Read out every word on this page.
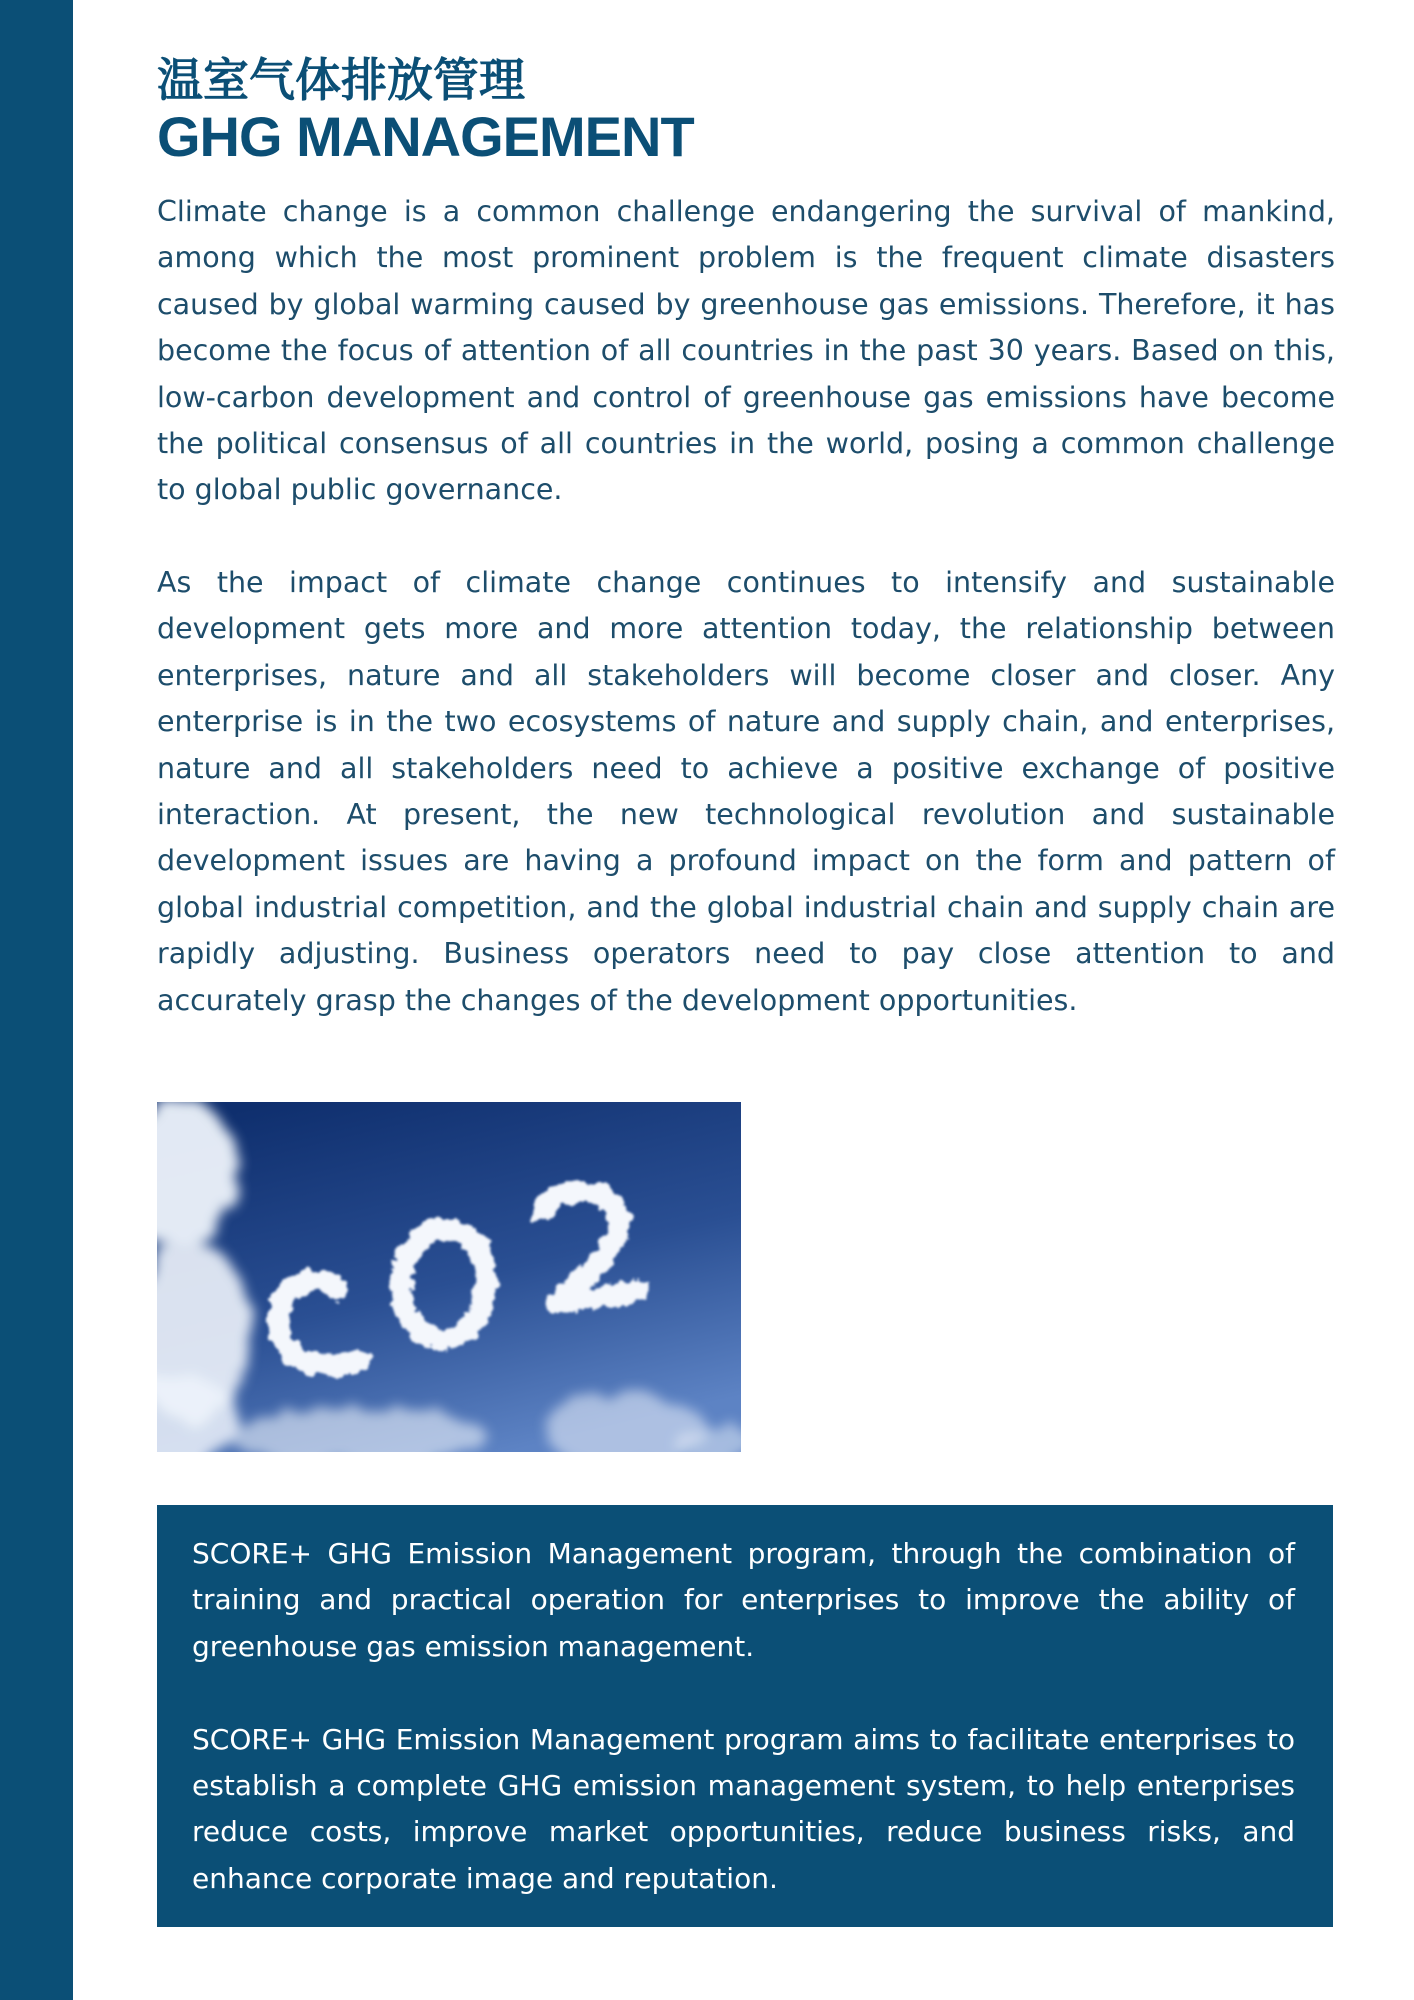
温室气体排放管理
GHG MANAGEMENT

Climate change is a common challenge endangering the survival of mankind, among which the most prominent problem is the frequent climate disasters caused by global warming caused by greenhouse gas emissions. Therefore, it has become the focus of attention of all countries in the past 30 years. Based on this, low-carbon development and control of greenhouse gas emissions have become the political consensus of all countries in the world, posing a common challenge to global public governance.

As the impact of climate change continues to intensify and sustainable development gets more and more attention today, the relationship between enterprises, nature and all stakeholders will become closer and closer. Any enterprise is in the two ecosystems of nature and supply chain, and enterprises, nature and all stakeholders need to achieve a positive exchange of positive interaction. At present, the new technological revolution and sustainable development issues are having a profound impact on the form and pattern of global industrial competition, and the global industrial chain and supply chain are rapidly adjusting. Business operators need to pay close attention to and accurately grasp the changes of the development opportunities.

SCORE+ GHG Emission Management program, through the combination of training and practical operation for enterprises to improve the ability of greenhouse gas emission management.

SCORE+ GHG Emission Management program aims to facilitate enterprises to establish a complete GHG emission management system, to help enterprises reduce costs, improve market opportunities, reduce business risks, and enhance corporate image and reputation.
